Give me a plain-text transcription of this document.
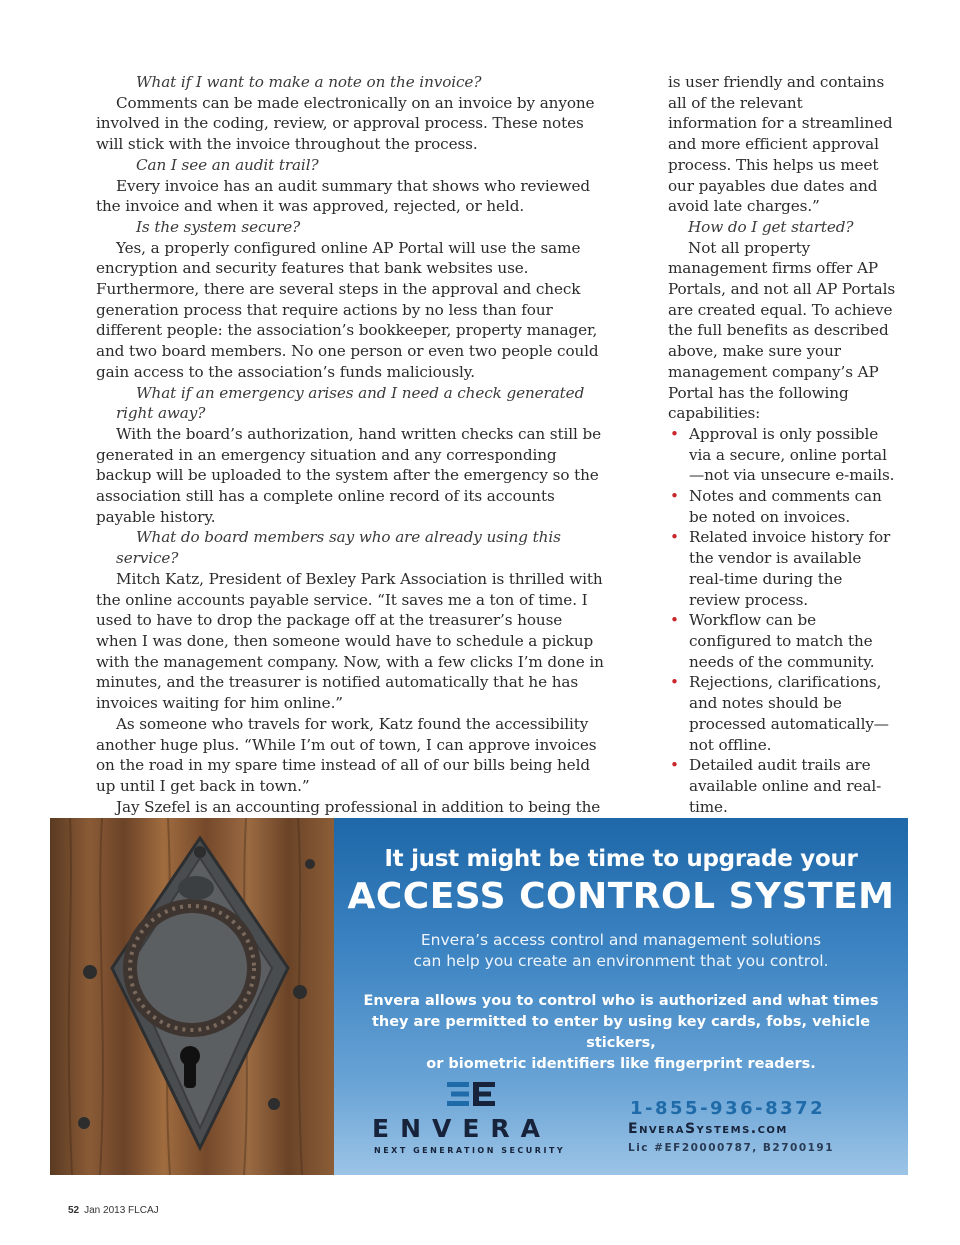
What if I want to make a note on the invoice?

Comments can be made electronically on an invoice by anyone involved in the coding, review, or approval process. These notes will stick with the invoice throughout the process.

Can I see an audit trail?

Every invoice has an audit summary that shows who reviewed the invoice and when it was approved, rejected, or held.

Is the system secure?

Yes, a properly configured online AP Portal will use the same encryption and security features that bank websites use. Furthermore, there are several steps in the approval and check generation process that require actions by no less than four different people: the association’s bookkeeper, property manager, and two board members. No one person or even two people could gain access to the association’s funds maliciously.

What if an emergency arises and I need a check generated right away?

With the board’s authorization, hand written checks can still be generated in an emergency situation and any corresponding backup will be uploaded to the system after the emergency so the association still has a complete online record of its accounts payable history.

What do board members say who are already using this service?

Mitch Katz, President of Bexley Park Association is thrilled with the online accounts payable service. “It saves me a ton of time. I used to have to drop the package off at the treasurer’s house when I was done, then someone would have to schedule a pickup with the management company. Now, with a few clicks I’m done in minutes, and the treasurer is notified automatically that he has invoices waiting for him online.”

As someone who travels for work, Katz found the accessibility another huge plus. “While I’m out of town, I can approve invoices on the road in my spare time instead of all of our bills being held up until I get back in town.”

Jay Szefel is an accounting professional in addition to being the

is user friendly and contains all of the relevant information for a streamlined and more efficient approval process. This helps us meet our payables due dates and avoid late charges.”

How do I get started?

Not all property management firms offer AP Portals, and not all AP Portals are created equal. To achieve the full benefits as described above, make sure your management company’s AP Portal has the following capabilities:

• Approval is only possible via a secure, online portal—not via unsecure e-mails.
• Notes and comments can be noted on invoices.
• Related invoice history for the vendor is available real-time during the review process.
• Workflow can be configured to match the needs of the community.
• Rejections, clarifications, and notes should be processed automatically—not offline.
• Detailed audit trails are available online and real-time.
It just might be time to upgrade your
ACCESS CONTROL SYSTEM
Envera’s access control and management solutions
can help you create an environment that you control.
Envera allows you to control who is authorized and what times
they are permitted to enter by using key cards, fobs, vehicle stickers,
or biometric identifiers like fingerprint readers.
ENVERA
NEXT GENERATION SECURITY
1-855-936-8372
EnveraSystems.com
Lic #EF20000787, B2700191
52 Jan 2013 FLCAJ
